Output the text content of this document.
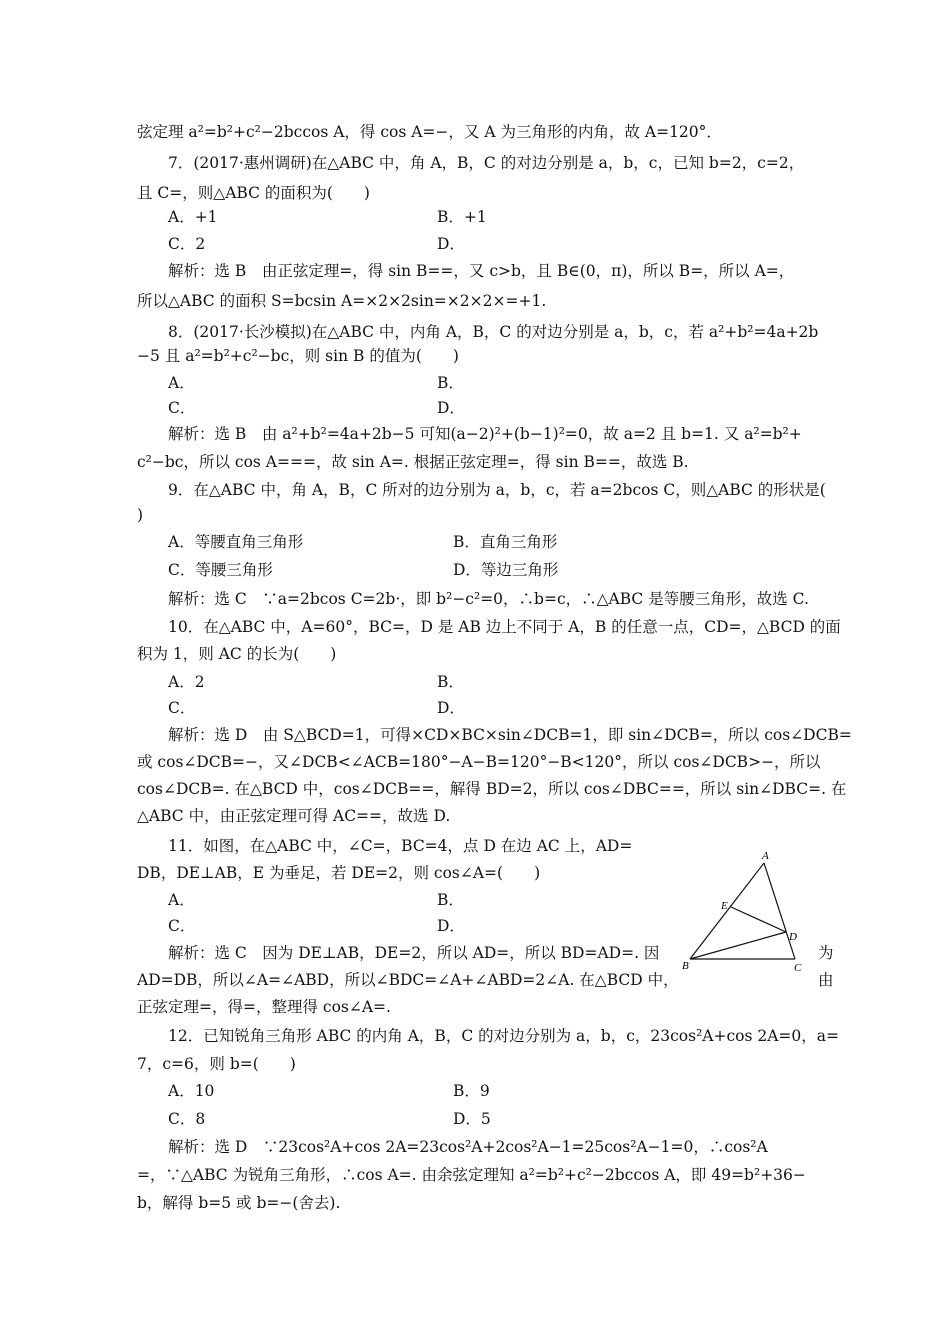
弦定理 a²=b²+c²−2bccos A，得 cos A=−，又 A 为三角形的内角，故 A=120°．
7．(2017·惠州调研)在△ABC 中，角 A，B，C 的对边分别是 a，b，c，已知 b=2，c=2，
且 C=，则△ABC 的面积为(　　)
A．+1	B．+1
C．2	D．
解析：选 B　由正弦定理=，得 sin B==，又 c>b，且 B∈(0，π)，所以 B=，所以 A=，
所以△ABC 的面积 S=bcsin A=×2×2sin=×2×2×=+1.
8．(2017·长沙模拟)在△ABC 中，内角 A，B，C 的对边分别是 a，b，c，若 a²+b²=4a+2b
−5 且 a²=b²+c²−bc，则 sin B 的值为(　　)
A．	B．
C．	D．
解析：选 B　由 a²+b²=4a+2b−5 可知(a−2)²+(b−1)²=0，故 a=2 且 b=1. 又 a²=b²+
c²−bc，所以 cos A===，故 sin A=. 根据正弦定理=，得 sin B==，故选 B.
9．在△ABC 中，角 A，B，C 所对的边分别为 a，b，c，若 a=2bcos C，则△ABC 的形状是(
)
A．等腰直角三角形	B．直角三角形
C．等腰三角形	D．等边三角形
解析：选 C　∵a=2bcos C=2b·，即 b²−c²=0，∴b=c，∴△ABC 是等腰三角形，故选 C.
10．在△ABC 中，A=60°，BC=，D 是 AB 边上不同于 A，B 的任意一点，CD=，△BCD 的面
积为 1，则 AC 的长为(　　)
A．2	B．
C．	D．
解析：选 D　由 S△BCD=1，可得×CD×BC×sin∠DCB=1，即 sin∠DCB=，所以 cos∠DCB=
或 cos∠DCB=−，又∠DCB<∠ACB=180°−A−B=120°−B<120°，所以 cos∠DCB>−，所以
cos∠DCB=. 在△BCD 中，cos∠DCB==，解得 BD=2，所以 cos∠DBC==，所以 sin∠DBC=. 在
△ABC 中，由正弦定理可得 AC==，故选 D.
11．如图，在△ABC 中，∠C=，BC=4，点 D 在边 AC 上，AD=
DB，DE⊥AB，E 为垂足，若 DE=2，则 cos∠A=(　　)
A．	B．
C．	D．
解析：选 C　因为 DE⊥AB，DE=2，所以 AD=，所以 BD=AD=. 因	为
AD=DB，所以∠A=∠ABD，所以∠BDC=∠A+∠ABD=2∠A. 在△BCD 中，	由
正弦定理=，得=，整理得 cos∠A=.
A
B	C
D
E
12．已知锐角三角形 ABC 的内角 A，B，C 的对边分别为 a，b，c，23cos²A+cos 2A=0，a=
7，c=6，则 b=(　　)
A．10	B．9
C．8	D．5
解析：选 D　∵23cos²A+cos 2A=23cos²A+2cos²A−1=25cos²A−1=0，∴cos²A
=，∵△ABC 为锐角三角形，∴cos A=. 由余弦定理知 a²=b²+c²−2bccos A，即 49=b²+36−
b，解得 b=5 或 b=−(舍去).
